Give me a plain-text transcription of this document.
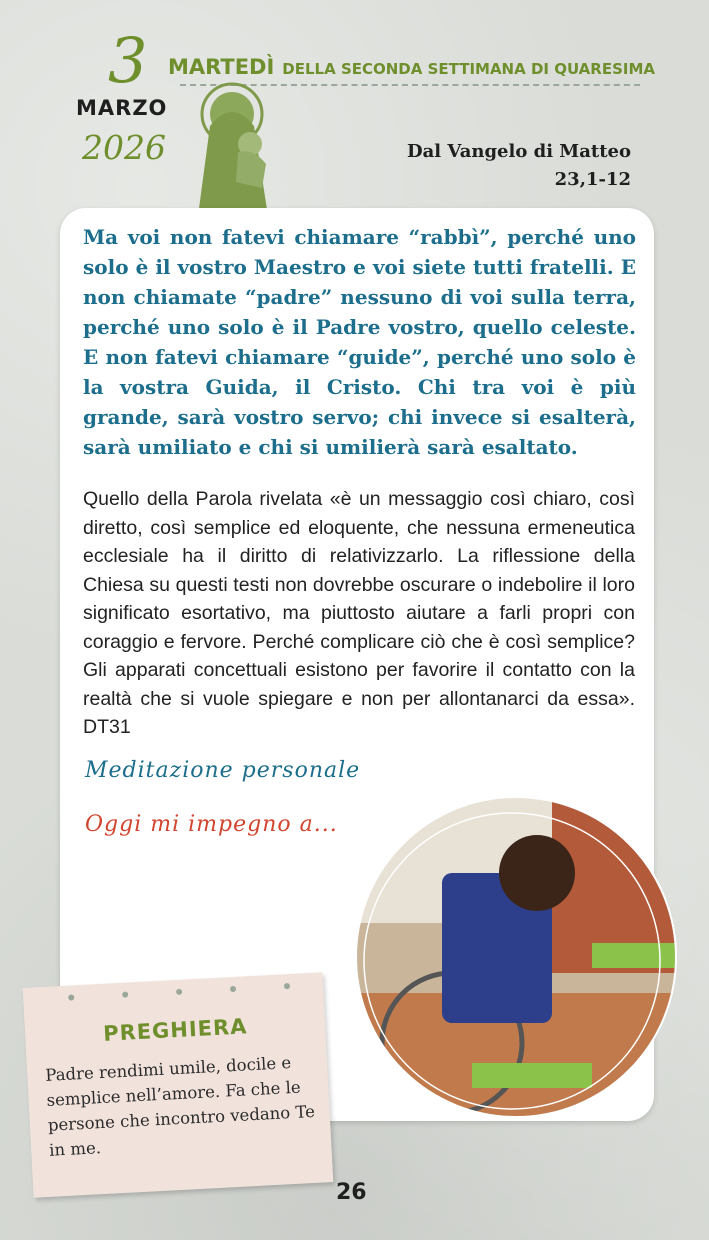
3
MARZO
2026
MARTEDÌ DELLA SECONDA SETTIMANA DI QUARESIMA
Dal Vangelo di Matteo
23,1-12
Ma voi non fatevi chiamare “rabbì”, perché uno solo è il vostro Maestro e voi siete tutti fratelli. E non chiamate “padre” nessuno di voi sulla terra, perché uno solo è il Padre vostro, quello celeste. E non fatevi chiamare “guide”, perché uno solo è la vostra Guida, il Cristo. Chi tra voi è più grande, sarà vostro servo; chi invece si esalterà, sarà umiliato e chi si umilierà sarà esaltato.
Quello della Parola rivelata «è un messaggio così chiaro, così diretto, così semplice ed eloquente, che nessuna ermeneutica ecclesiale ha il diritto di relativizzarlo. La riflessione della Chiesa su questi testi non dovrebbe oscurare o indebolire il loro significato esortativo, ma piuttosto aiutare a farli propri con coraggio e fervore. Perché complicare ciò che è così semplice? Gli apparati concettuali esistono per favorire il contatto con la realtà che si vuole spiegare e non per allontanarci da essa». DT31
Meditazione personale
Oggi mi impegno a...
PREGHIERA
Padre rendimi umile, docile e semplice nell’amore. Fa che le persone che incontro vedano Te in me.
26
